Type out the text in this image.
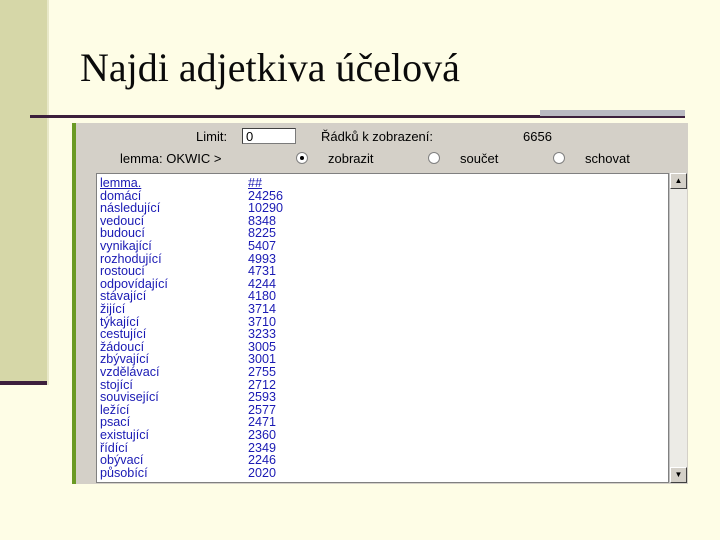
Najdi adjetkiva účelová
Limit:	0	Řádků k zobrazení:	6656
lemma: OKWIC >	zobrazit	součet	schovat
lemma.	##
domácí	24256
následující	10290
vedoucí	8348
budoucí	8225
vynikající	5407
rozhodující	4993
rostoucí	4731
odpovídající	4244
stávající	4180
žijící	3714
týkající	3710
cestující	3233
žádoucí	3005
zbývající	3001
vzdělávací	2755
stojící	2712
související	2593
ležící	2577
psací	2471
existující	2360
řídící	2349
obývací	2246
působící	2020
▲
▼
